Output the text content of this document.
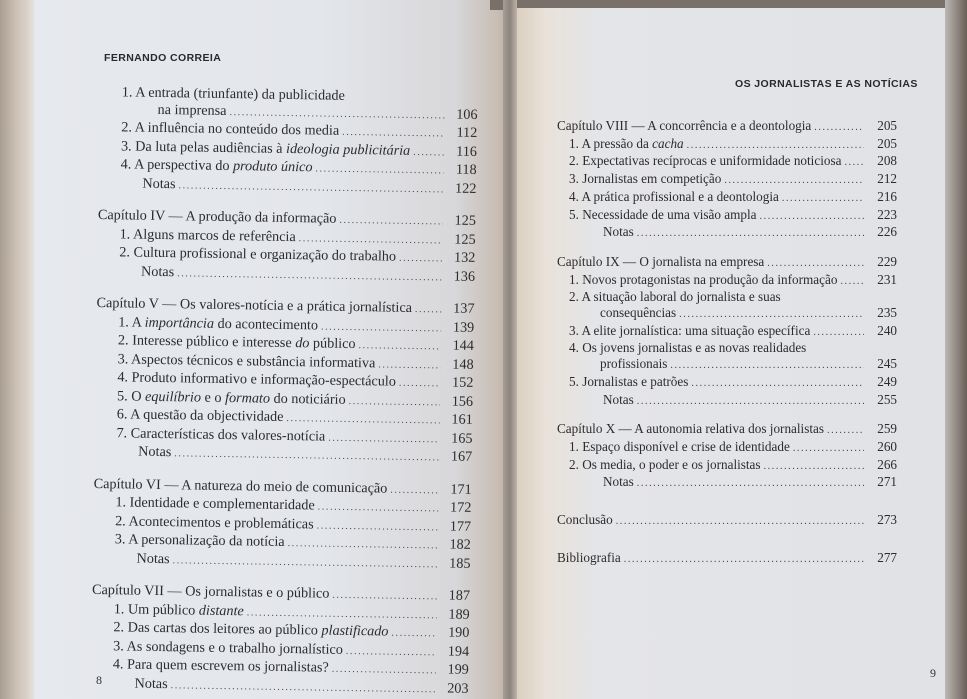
FERNANDO CORREIA
OS JORNALISTAS E AS NOTÍCIAS
1. A entrada (triunfante) da publicidade
na imprensa .....	106
2. A influência no conteúdo dos media .....	112
3. Da luta pelas audiências à ideologia publicitária .....	116
4. A perspectiva do produto único .....	118
Notas .....	122
Capítulo IV — A produção da informação .....	125
1. Alguns marcos de referência .....	125
2. Cultura profissional e organização do trabalho .....	132
Notas .....	136
Capítulo V — Os valores-notícia e a prática jornalística .....	137
1. A importância do acontecimento .....	139
2. Interesse público e interesse do público .....	144
3. Aspectos técnicos e substância informativa .....	148
4. Produto informativo e informação-espectáculo .....	152
5. O equilíbrio e o formato do noticiário .....	156
6. A questão da objectividade .....	161
7. Características dos valores-notícia .....	165
Notas .....	167
Capítulo VI — A natureza do meio de comunicação .....	171
1. Identidade e complementaridade .....	172
2. Acontecimentos e problemáticas .....	177
3. A personalização da notícia .....	182
Notas .....	185
Capítulo VII — Os jornalistas e o público .....	187
1. Um público distante .....	189
2. Das cartas dos leitores ao público plastificado .....	190
3. As sondagens e o trabalho jornalístico .....	194
4. Para quem escrevem os jornalistas? .....	199
Notas .....	203
Capítulo VIII — A concorrência e a deontologia .....	205
1. A pressão da cacha .....	205
2. Expectativas recíprocas e uniformidade noticiosa .....	208
3. Jornalistas em competição .....	212
4. A prática profissional e a deontologia .....	216
5. Necessidade de uma visão ampla .....	223
Notas .....	226
Capítulo IX — O jornalista na empresa .....	229
1. Novos protagonistas na produção da informação .....	231
2. A situação laboral do jornalista e suas
consequências .....	235
3. A elite jornalística: uma situação específica .....	240
4. Os jovens jornalistas e as novas realidades
profissionais .....	245
5. Jornalistas e patrões .....	249
Notas .....	255
Capítulo X — A autonomia relativa dos jornalistas .....	259
1. Espaço disponível e crise de identidade .....	260
2. Os media, o poder e os jornalistas .....	266
Notas .....	271
Conclusão .....	273
Bibliografia .....	277
8	9
